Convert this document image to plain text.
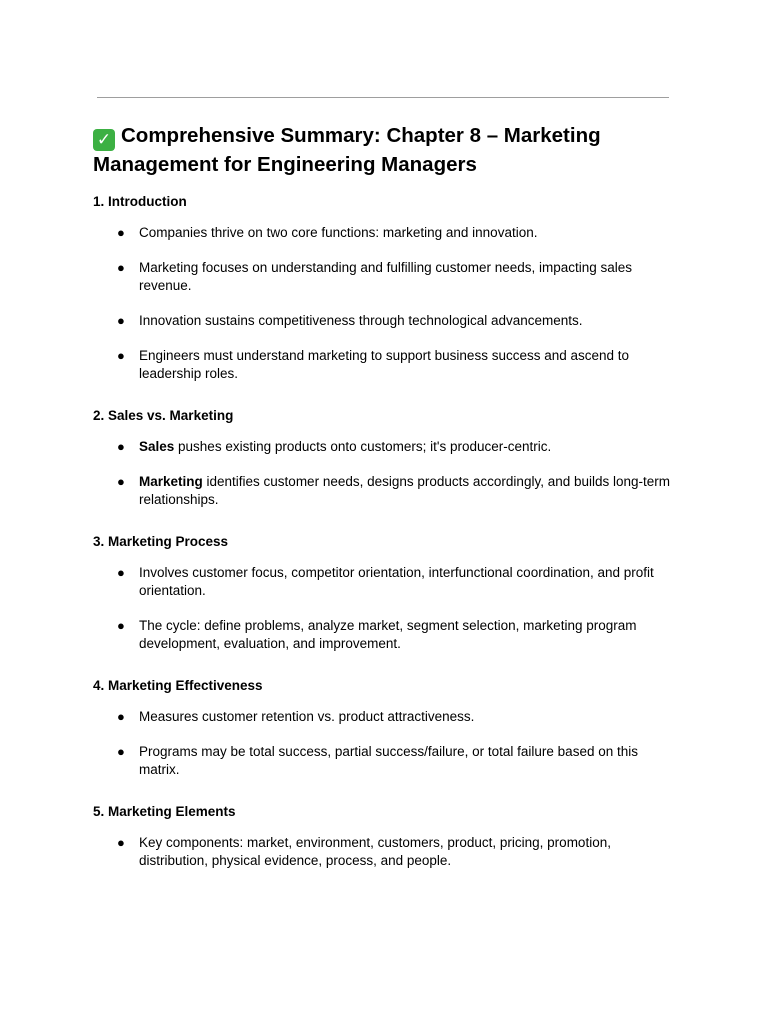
✓ Comprehensive Summary: Chapter 8 – Marketing Management for Engineering Managers
1. Introduction
● Companies thrive on two core functions: marketing and innovation.
● Marketing focuses on understanding and fulfilling customer needs, impacting sales revenue.
● Innovation sustains competitiveness through technological advancements.
● Engineers must understand marketing to support business success and ascend to leadership roles.
2. Sales vs. Marketing
● Sales pushes existing products onto customers; it's producer-centric.
● Marketing identifies customer needs, designs products accordingly, and builds long-term relationships.
3. Marketing Process
● Involves customer focus, competitor orientation, interfunctional coordination, and profit orientation.
● The cycle: define problems, analyze market, segment selection, marketing program development, evaluation, and improvement.
4. Marketing Effectiveness
● Measures customer retention vs. product attractiveness.
● Programs may be total success, partial success/failure, or total failure based on this matrix.
5. Marketing Elements
● Key components: market, environment, customers, product, pricing, promotion, distribution, physical evidence, process, and people.
